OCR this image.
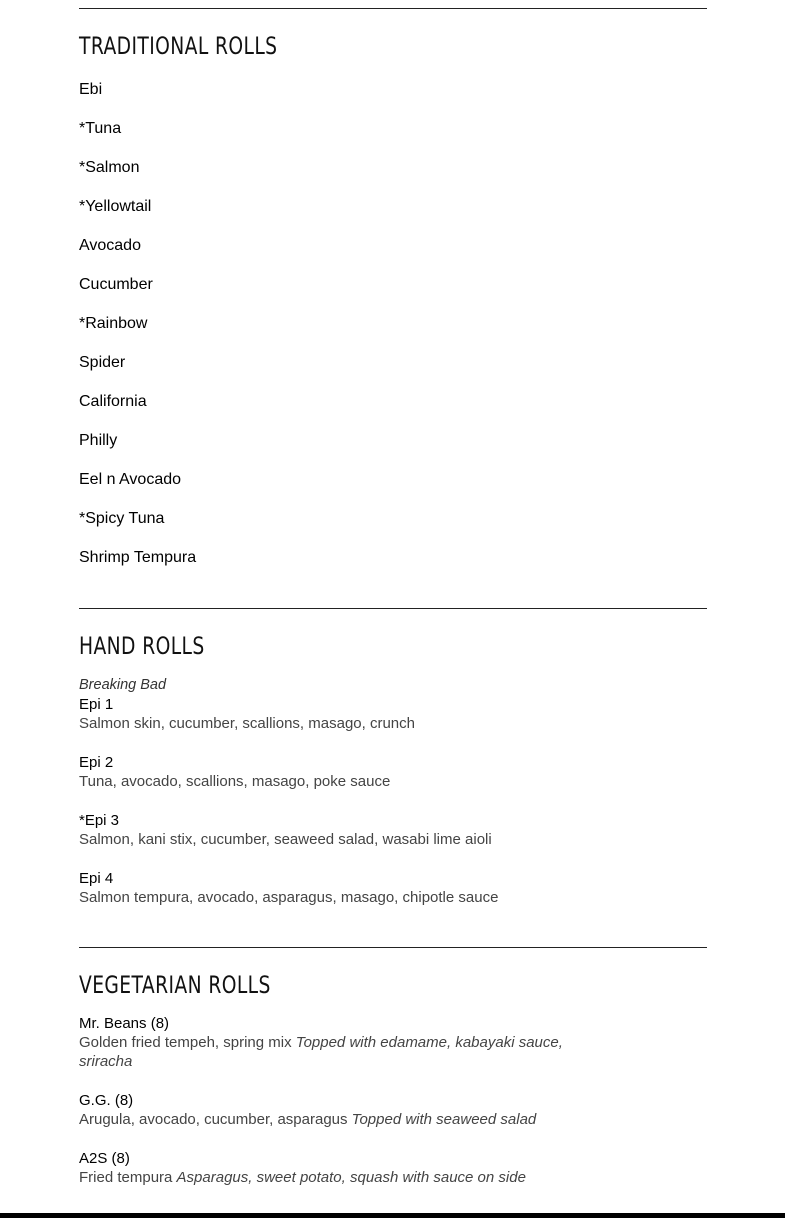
TRADITIONAL ROLLS
Ebi
*Tuna
*Salmon
*Yellowtail
Avocado
Cucumber
*Rainbow
Spider
California
Philly
Eel n Avocado
*Spicy Tuna
Shrimp Tempura
HAND ROLLS
Breaking Bad
Epi 1
Salmon skin, cucumber, scallions, masago, crunch
Epi 2
Tuna, avocado, scallions, masago, poke sauce
*Epi 3
Salmon, kani stix, cucumber, seaweed salad, wasabi lime aioli
Epi 4
Salmon tempura, avocado, asparagus, masago, chipotle sauce
VEGETARIAN ROLLS
Mr. Beans (8)
Golden fried tempeh, spring mix Topped with edamame, kabayaki sauce, sriracha
G.G. (8)
Arugula, avocado, cucumber, asparagus Topped with seaweed salad
A2S (8)
Fried tempura Asparagus, sweet potato, squash with sauce on side
